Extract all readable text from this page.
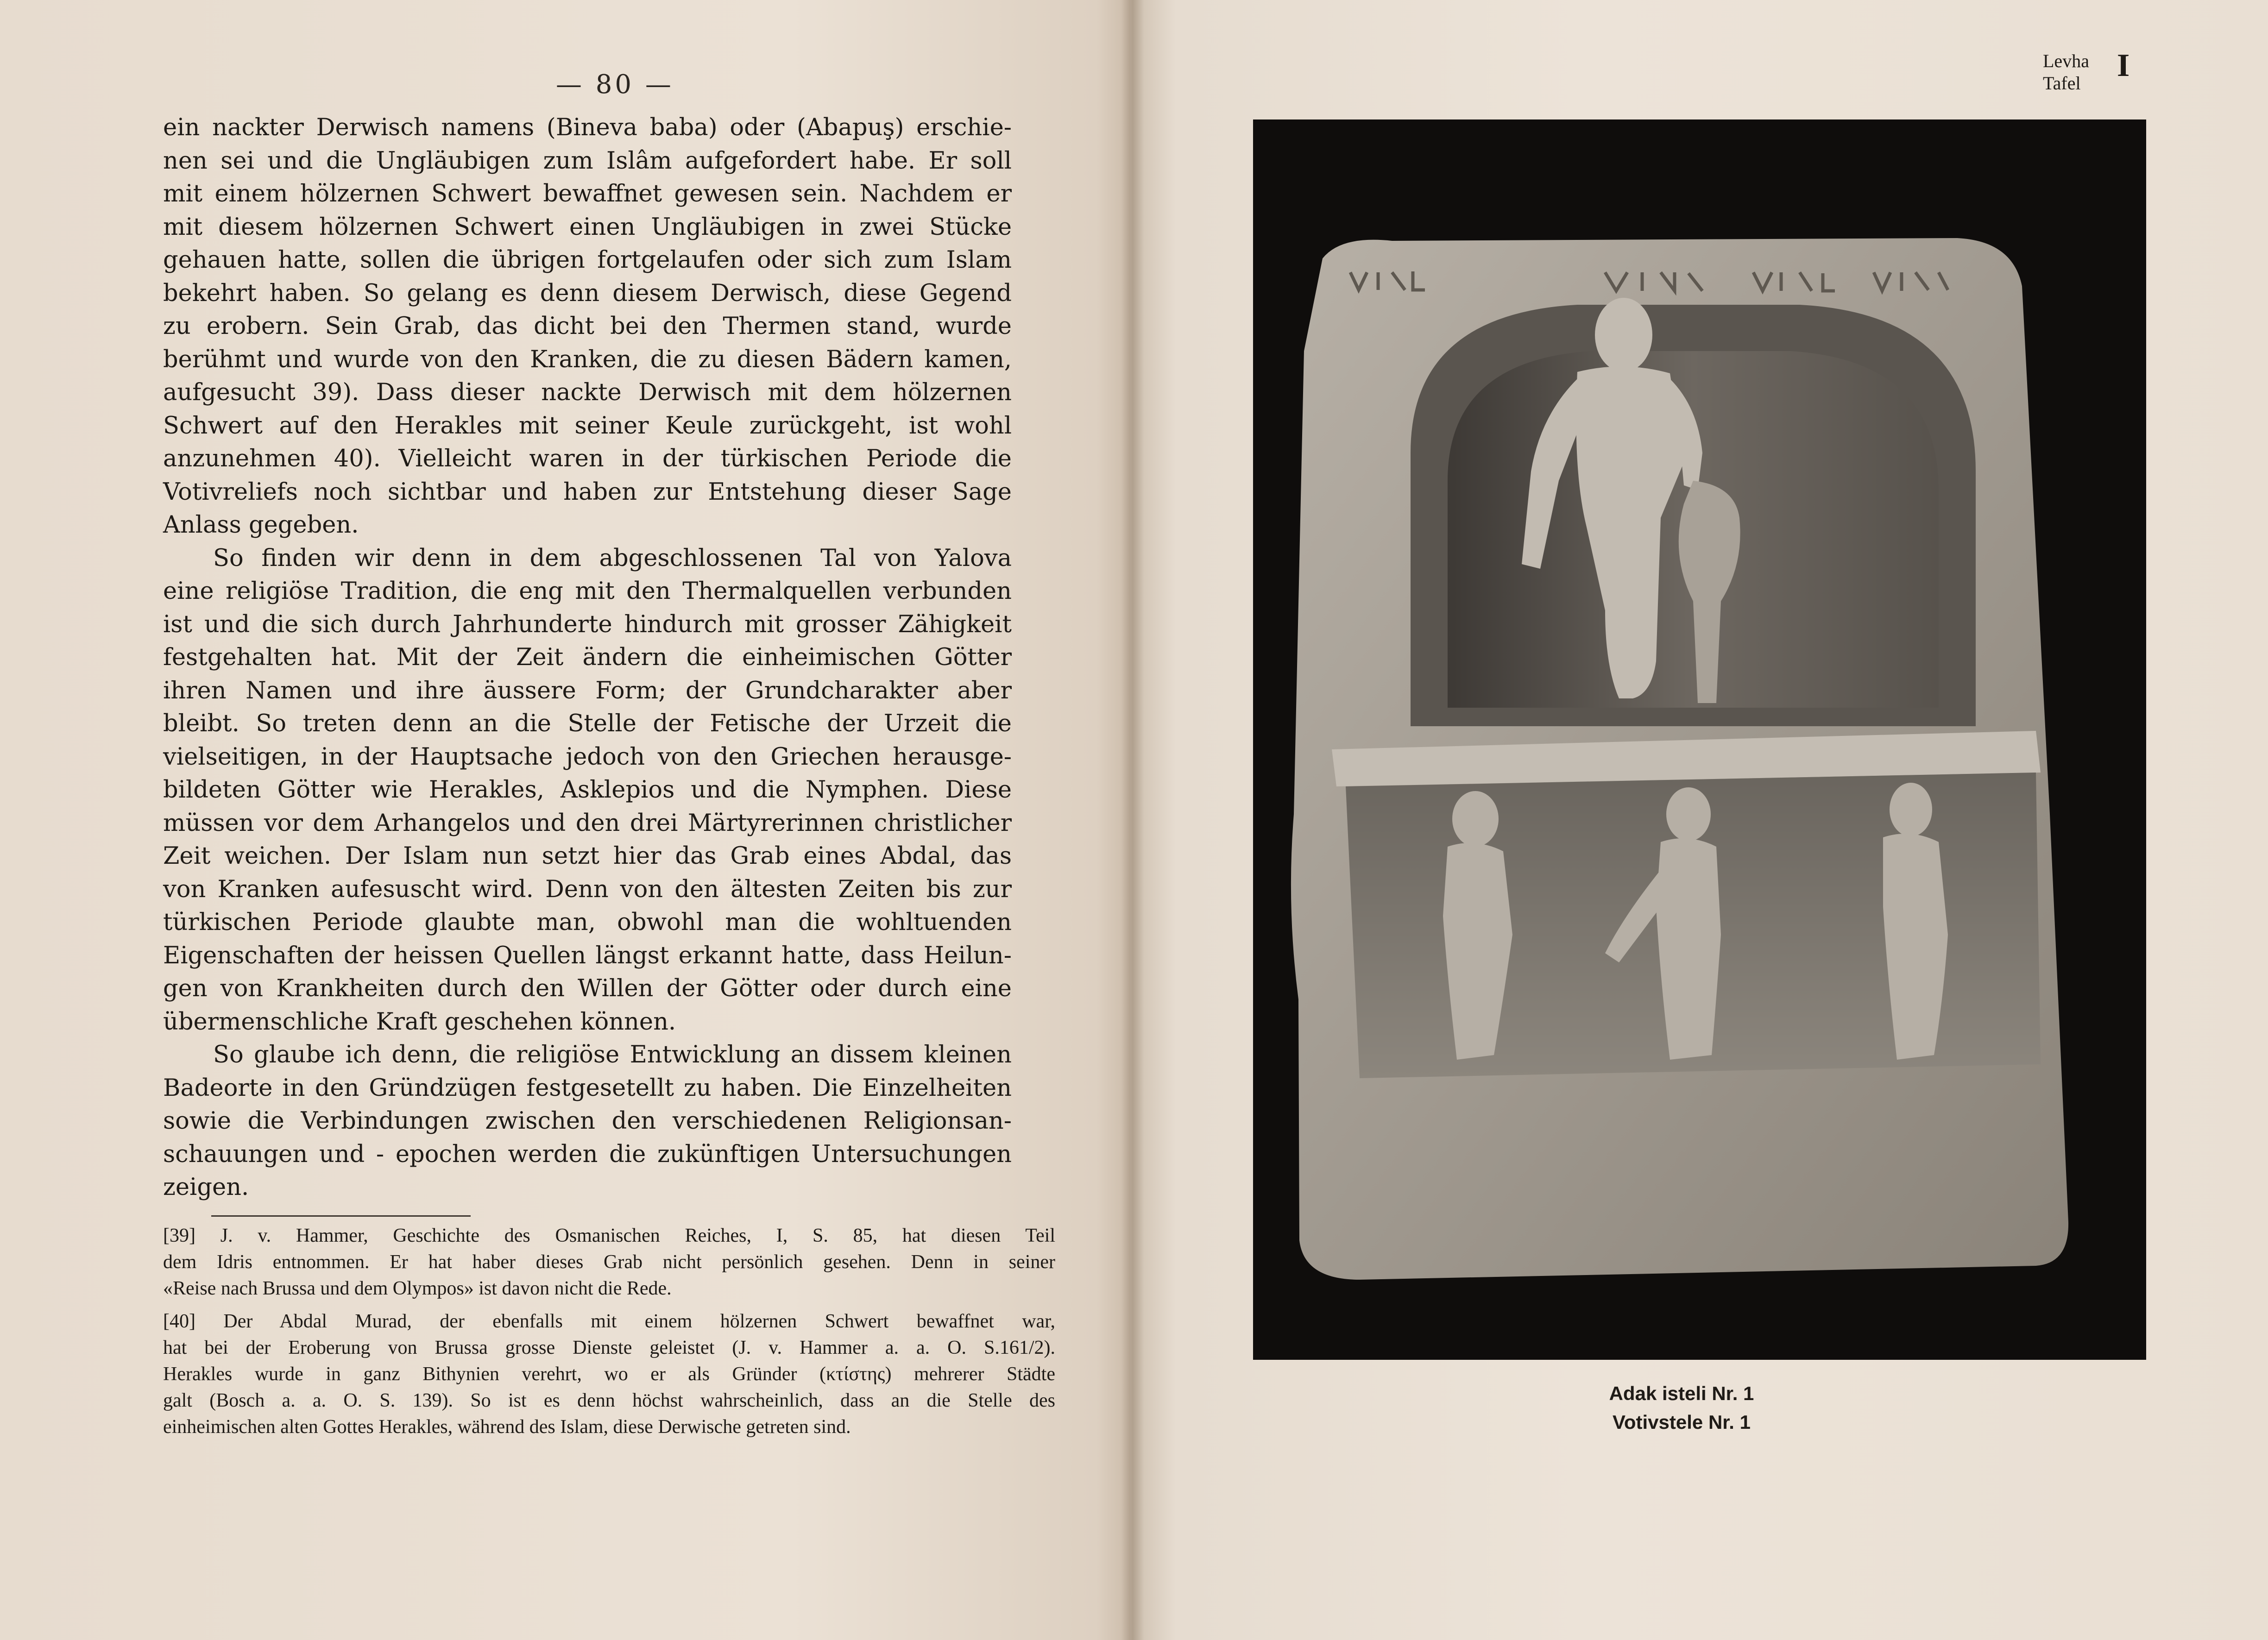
— 80 —
ein nackter Derwisch namens (Bineva baba) oder (Abapuş) erschie-
nen sei und die Ungläubigen zum Islâm aufgefordert habe. Er soll
mit einem hölzernen Schwert bewaffnet gewesen sein. Nachdem er
mit diesem hölzernen Schwert einen Ungläubigen in zwei Stücke
gehauen hatte, sollen die übrigen fortgelaufen oder sich zum Islam
bekehrt haben. So gelang es denn diesem Derwisch, diese Gegend
zu erobern. Sein Grab, das dicht bei den Thermen stand, wurde
berühmt und wurde von den Kranken, die zu diesen Bädern kamen,
aufgesucht 39). Dass dieser nackte Derwisch mit dem hölzernen
Schwert auf den Herakles mit seiner Keule zurückgeht, ist wohl
anzunehmen 40). Vielleicht waren in der türkischen Periode die
Votivreliefs noch sichtbar und haben zur Entstehung dieser Sage
Anlass gegeben.
So finden wir denn in dem abgeschlossenen Tal von Yalova
eine religiöse Tradition, die eng mit den Thermalquellen verbunden
ist und die sich durch Jahrhunderte hindurch mit grosser Zähigkeit
festgehalten hat. Mit der Zeit ändern die einheimischen Götter
ihren Namen und ihre äussere Form; der Grundcharakter aber
bleibt. So treten denn an die Stelle der Fetische der Urzeit die
vielseitigen, in der Hauptsache jedoch von den Griechen herausge-
bildeten Götter wie Herakles, Asklepios und die Nymphen. Diese
müssen vor dem Arhangelos und den drei Märtyrerinnen christlicher
Zeit weichen. Der Islam nun setzt hier das Grab eines Abdal, das
von Kranken aufesuscht wird. Denn von den ältesten Zeiten bis zur
türkischen Periode glaubte man, obwohl man die wohltuenden
Eigenschaften der heissen Quellen längst erkannt hatte, dass Heilun-
gen von Krankheiten durch den Willen der Götter oder durch eine
übermenschliche Kraft geschehen können.
So glaube ich denn, die religiöse Entwicklung an dissem kleinen
Badeorte in den Gründzügen festgesetellt zu haben. Die Einzelheiten
sowie die Verbindungen zwischen den verschiedenen Religionsan-
schauungen und - epochen werden die zukünftigen Untersuchungen
zeigen.
[39] J. v. Hammer, Geschichte des Osmanischen Reiches, I, S. 85, hat diesen Teil
dem Idris entnommen. Er hat haber dieses Grab nicht persönlich gesehen. Denn in seiner
«Reise nach Brussa und dem Olympos» ist davon nicht die Rede.
[40] Der Abdal Murad, der ebenfalls mit einem hölzernen Schwert bewaffnet war,
hat bei der Eroberung von Brussa grosse Dienste geleistet (J. v. Hammer a. a. O. S.161/2).
Herakles wurde in ganz Bithynien verehrt, wo er als Gründer (κτίστης) mehrerer Städte
galt (Bosch a. a. O. S. 139). So ist es denn höchst wahrscheinlich, dass an die Stelle des
einheimischen alten Gottes Herakles, während des Islam, diese Derwische getreten sind.
Levha
Tafel I
Adak isteli Nr. 1
Votivstele Nr. 1
